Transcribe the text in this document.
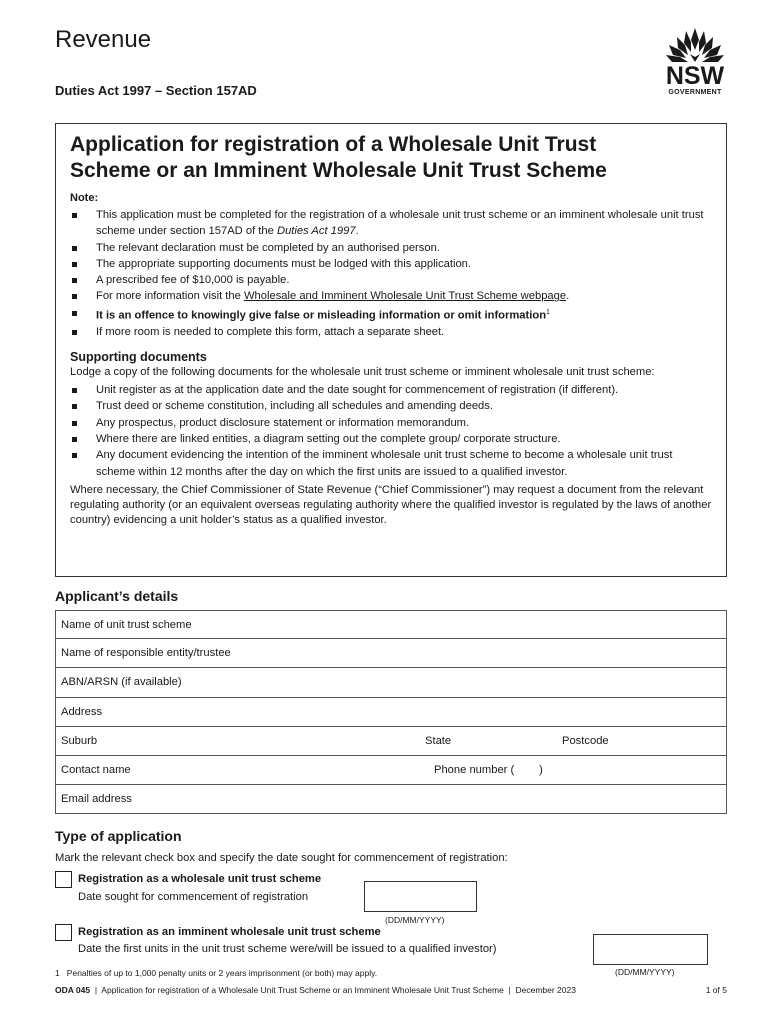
Revenue
Duties Act 1997 – Section 157AD
NSW
GOVERNMENT
Application for registration of a Wholesale Unit Trust
Scheme or an Imminent Wholesale Unit Trust Scheme
Note:
This application must be completed for the registration of a wholesale unit trust scheme or an imminent wholesale unit trust scheme under section 157AD of the Duties Act 1997.
The relevant declaration must be completed by an authorised person.
The appropriate supporting documents must be lodged with this application.
A prescribed fee of $10,000 is payable.
For more information visit the Wholesale and Imminent Wholesale Unit Trust Scheme webpage.
It is an offence to knowingly give false or misleading information or omit information$^1$
If more room is needed to complete this form, attach a separate sheet.
Supporting documents
Lodge a copy of the following documents for the wholesale unit trust scheme or imminent wholesale unit trust scheme:
Unit register as at the application date and the date sought for commencement of registration (if different).
Trust deed or scheme constitution, including all schedules and amending deeds.
Any prospectus, product disclosure statement or information memorandum.
Where there are linked entities, a diagram setting out the complete group/ corporate structure.
Any document evidencing the intention of the imminent wholesale unit trust scheme to become a wholesale unit trust scheme within 12 months after the day on which the first units are issued to a qualified investor.
Where necessary, the Chief Commissioner of State Revenue (“Chief Commissioner”) may request a document from the relevant regulating authority (or an equivalent overseas regulating authority where the qualified investor is regulated by the laws of another country) evidencing a unit holder’s status as a qualified investor.
Applicant’s details
Name of unit trust scheme
Name of responsible entity/trustee
ABN/ARSN (if available)
Address
Suburb	State	Postcode
Contact name	Phone number (        )
Email address
Type of application
Mark the relevant check box and specify the date sought for commencement of registration:
Registration as a wholesale unit trust scheme
Date sought for commencement of registration
(DD/MM/YYYY)
Registration as an imminent wholesale unit trust scheme
Date the first units in the unit trust scheme were/will be issued to a qualified investor)
(DD/MM/YYYY)
1   Penalties of up to 1,000 penalty units or 2 years imprisonment (or both) may apply.
ODA 045  |  Application for registration of a Wholesale Unit Trust Scheme or an Imminent Wholesale Unit Trust Scheme  |  December 2023	1 of 5
